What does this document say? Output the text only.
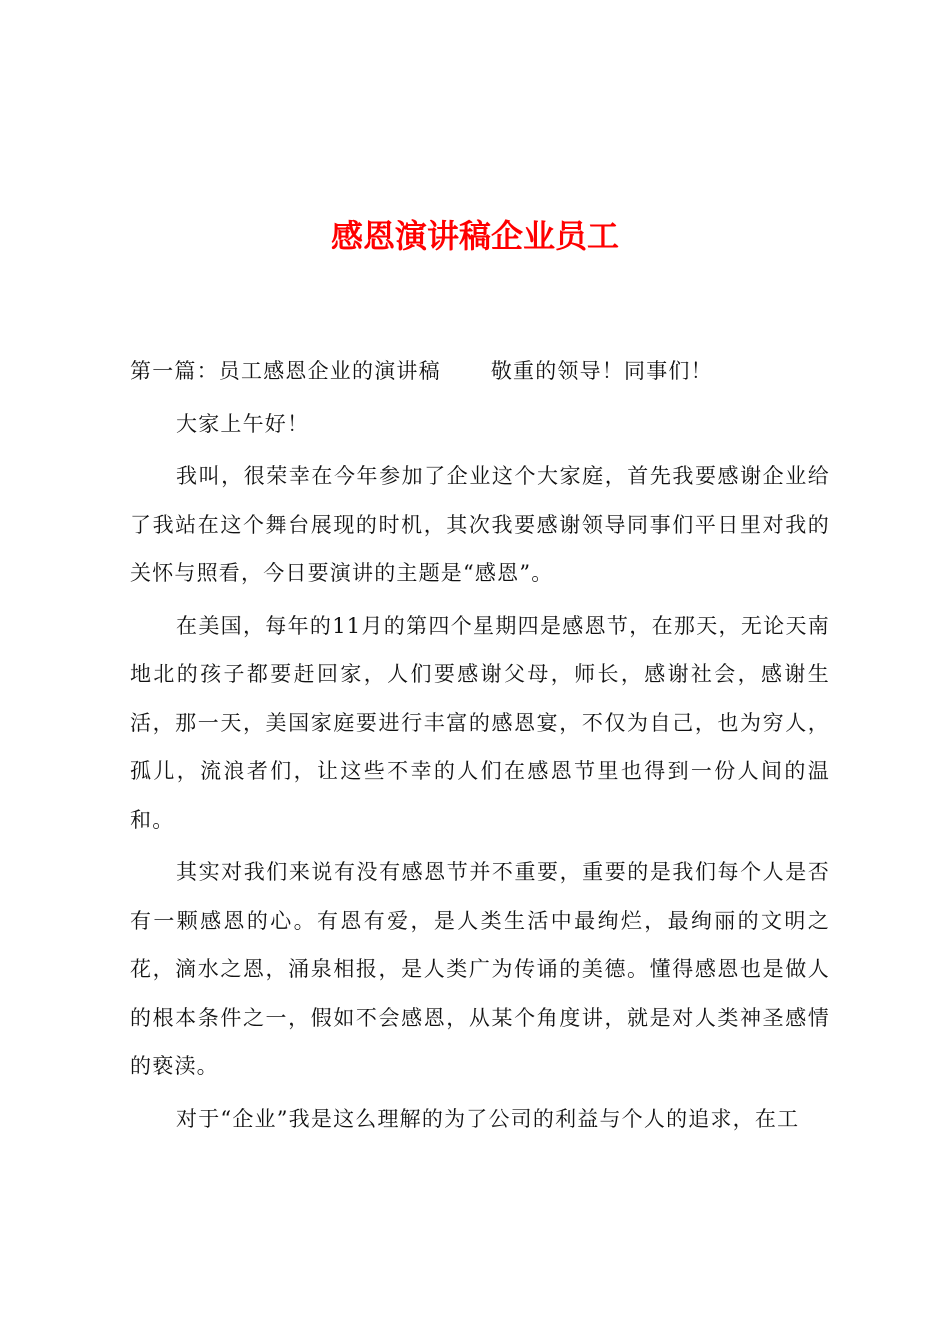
感恩演讲稿企业员工

第一篇：员工感恩企业的演讲稿 敬重的领导！同事们！

大家上午好！

我叫，很荣幸在今年参加了企业这个大家庭，首先我要感谢企业给了我站在这个舞台展现的时机，其次我要感谢领导同事们平日里对我的关怀与照看，今日要演讲的主题是“感恩”。

在美国，每年的11月的第四个星期四是感恩节，在那天，无论天南地北的孩子都要赶回家，人们要感谢父母，师长，感谢社会，感谢生活，那一天，美国家庭要进行丰富的感恩宴，不仅为自己，也为穷人，孤儿，流浪者们，让这些不幸的人们在感恩节里也得到一份人间的温和。

其实对我们来说有没有感恩节并不重要，重要的是我们每个人是否有一颗感恩的心。有恩有爱，是人类生活中最绚烂，最绚丽的文明之花，滴水之恩，涌泉相报，是人类广为传诵的美德。懂得感恩也是做人的根本条件之一，假如不会感恩，从某个角度讲，就是对人类神圣感情的亵渎。

对于“企业”我是这么理解的为了公司的利益与个人的追求，在工
